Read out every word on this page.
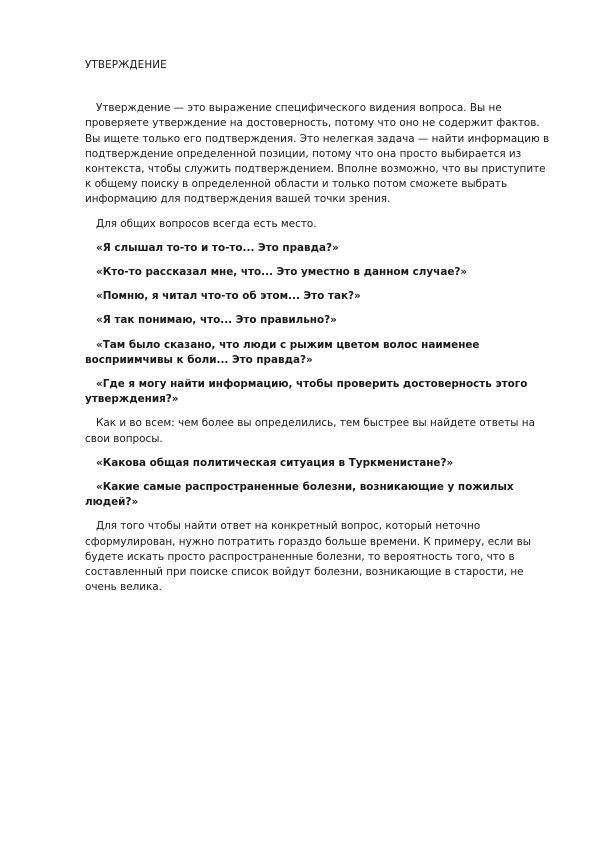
УТВЕРЖДЕНИЕ

Утверждение — это выражение специфического видения вопроса. Вы не проверяете утверждение на достоверность, потому что оно не содержит фактов. Вы ищете только его подтверждения. Это нелегкая задача — найти информацию в подтверждение определенной позиции, потому что она просто выбирается из контекста, чтобы служить подтверждением. Вполне возможно, что вы приступите к общему поиску в определенной области и только потом сможете выбрать информацию для подтверждения вашей точки зрения.

Для общих вопросов всегда есть место.

«Я слышал то-то и то-то... Это правда?»

«Кто-то рассказал мне, что... Это уместно в данном случае?»

«Помню, я читал что-то об этом... Это так?»

«Я так понимаю, что... Это правильно?»

«Там было сказано, что люди с рыжим цветом волос наименее восприимчивы к боли... Это правда?»

«Где я могу найти информацию, чтобы проверить достоверность этого утверждения?»

Как и во всем: чем более вы определились, тем быстрее вы найдете ответы на свои вопросы.

«Какова общая политическая ситуация в Туркменистане?»

«Какие самые распространенные болезни, возникающие у пожилых людей?»

Для того чтобы найти ответ на конкретный вопрос, который неточно сформулирован, нужно потратить гораздо больше времени. К примеру, если вы будете искать просто распространенные болезни, то вероятность того, что в составленный при поиске список войдут болезни, возникающие в старости, не очень велика.
